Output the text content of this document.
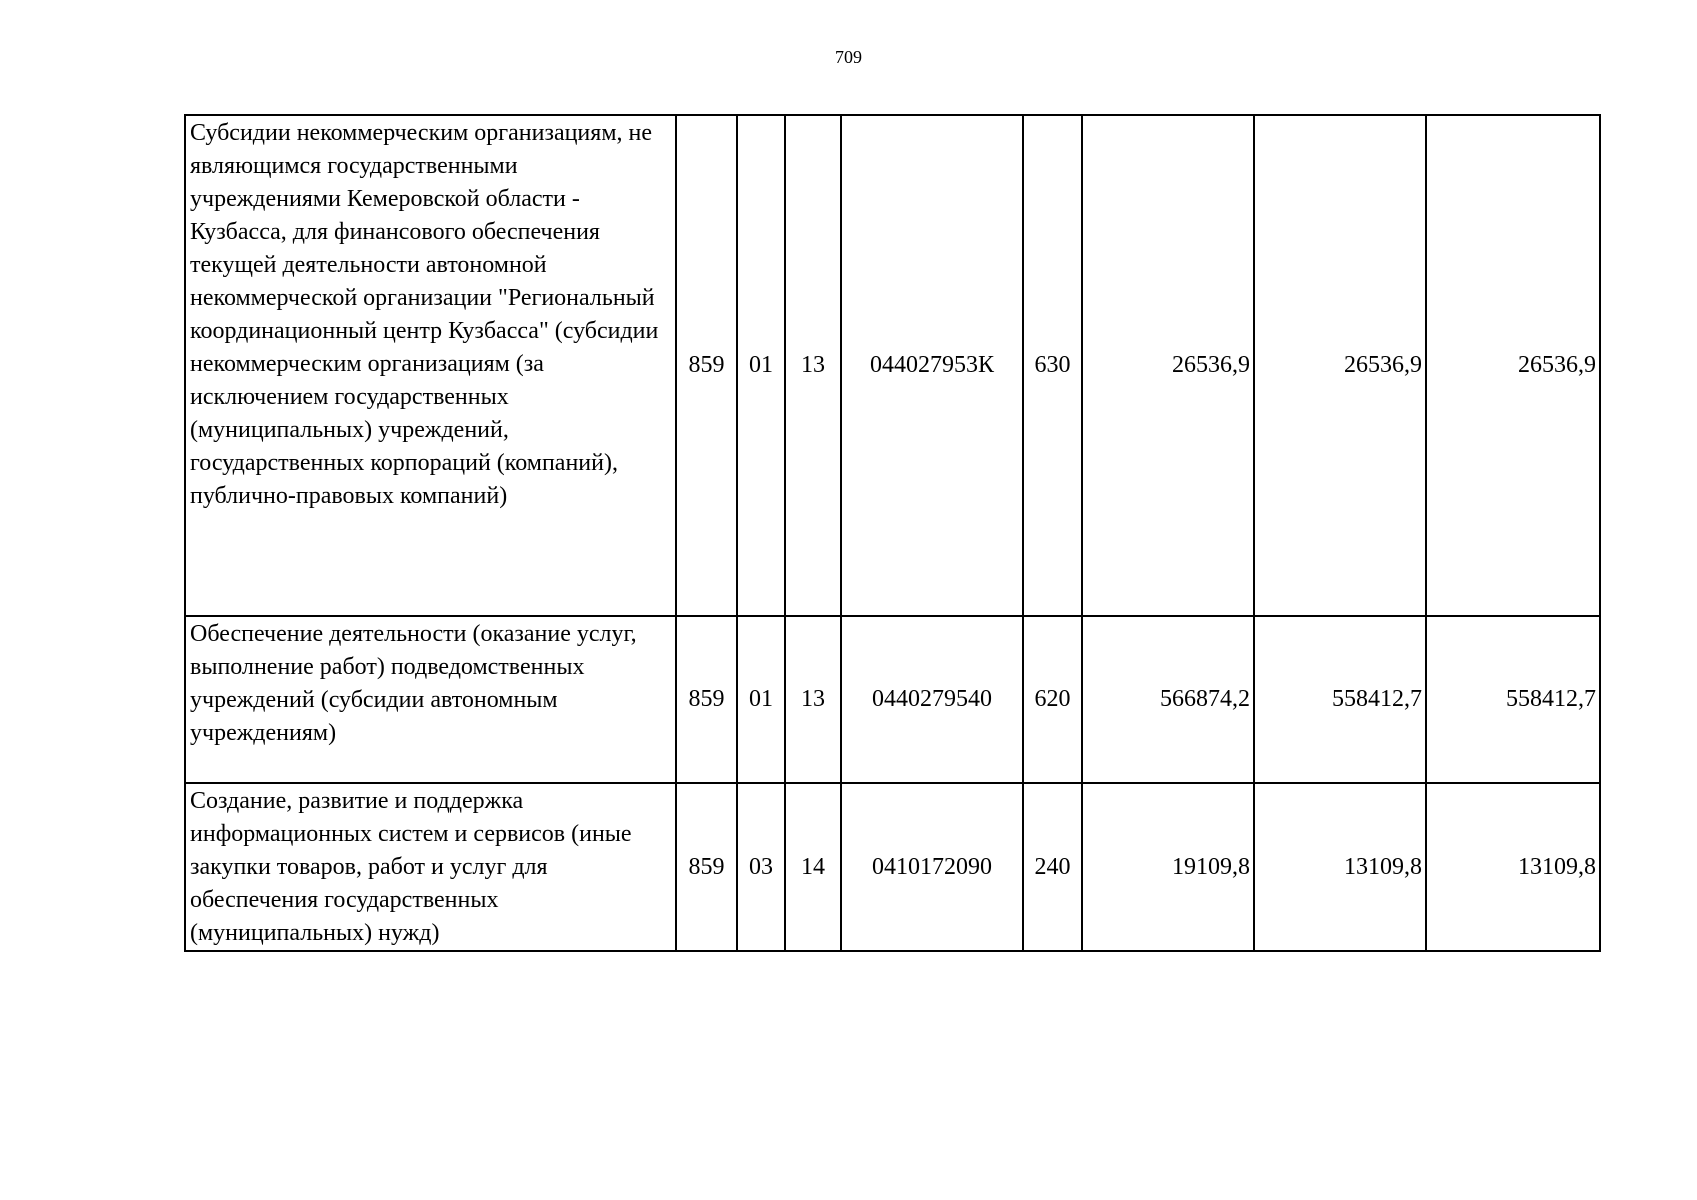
709
Субсидии некоммерческим организациям, не являющимся государственными учреждениями Кемеровской области - Кузбасса, для финансового обеспечения текущей деятельности автономной некоммерческой организации "Региональный координационный центр Кузбасса" (субсидии некоммерческим организациям (за исключением государственных (муниципальных) учреждений, государственных корпораций (компаний), публично-правовых компаний)	859	01	13	044027953К	630	26536,9	26536,9	26536,9
Обеспечение деятельности (оказание услуг, выполнение работ) подведомственных учреждений (субсидии автономным учреждениям)	859	01	13	0440279540	620	566874,2	558412,7	558412,7
Создание, развитие и поддержка информационных систем и сервисов (иные закупки товаров, работ и услуг для обеспечения государственных (муниципальных) нужд)	859	03	14	0410172090	240	19109,8	13109,8	13109,8
